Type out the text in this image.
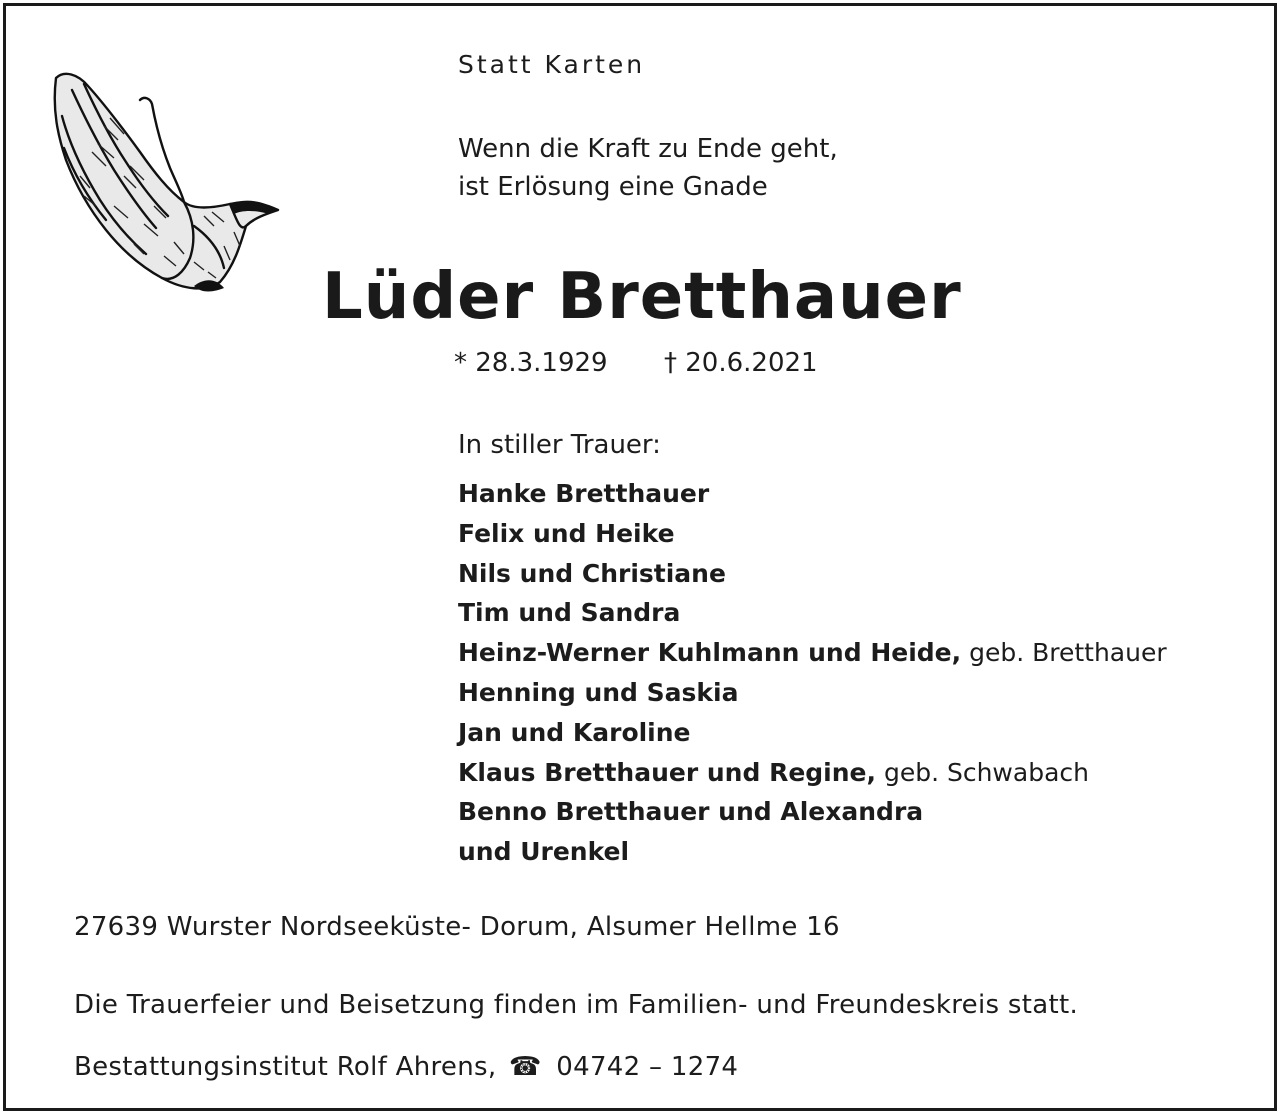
Statt Karten
Wenn die Kraft zu Ende geht,
ist Erlösung eine Gnade
Lüder Bretthauer
* 28.3.1929 † 20.6.2021
In stiller Trauer:
Hanke Bretthauer
Felix und Heike
Nils und Christiane
Tim und Sandra
Heinz-Werner Kuhlmann und Heide, geb. Bretthauer
Henning und Saskia
Jan und Karoline
Klaus Bretthauer und Regine, geb. Schwabach
Benno Bretthauer und Alexandra
und Urenkel
27639 Wurster Nordseeküste- Dorum, Alsumer Hellme 16
Die Trauerfeier und Beisetzung finden im Familien- und Freundeskreis statt.
Bestattungsinstitut Rolf Ahrens, ☎ 04742 – 1274
